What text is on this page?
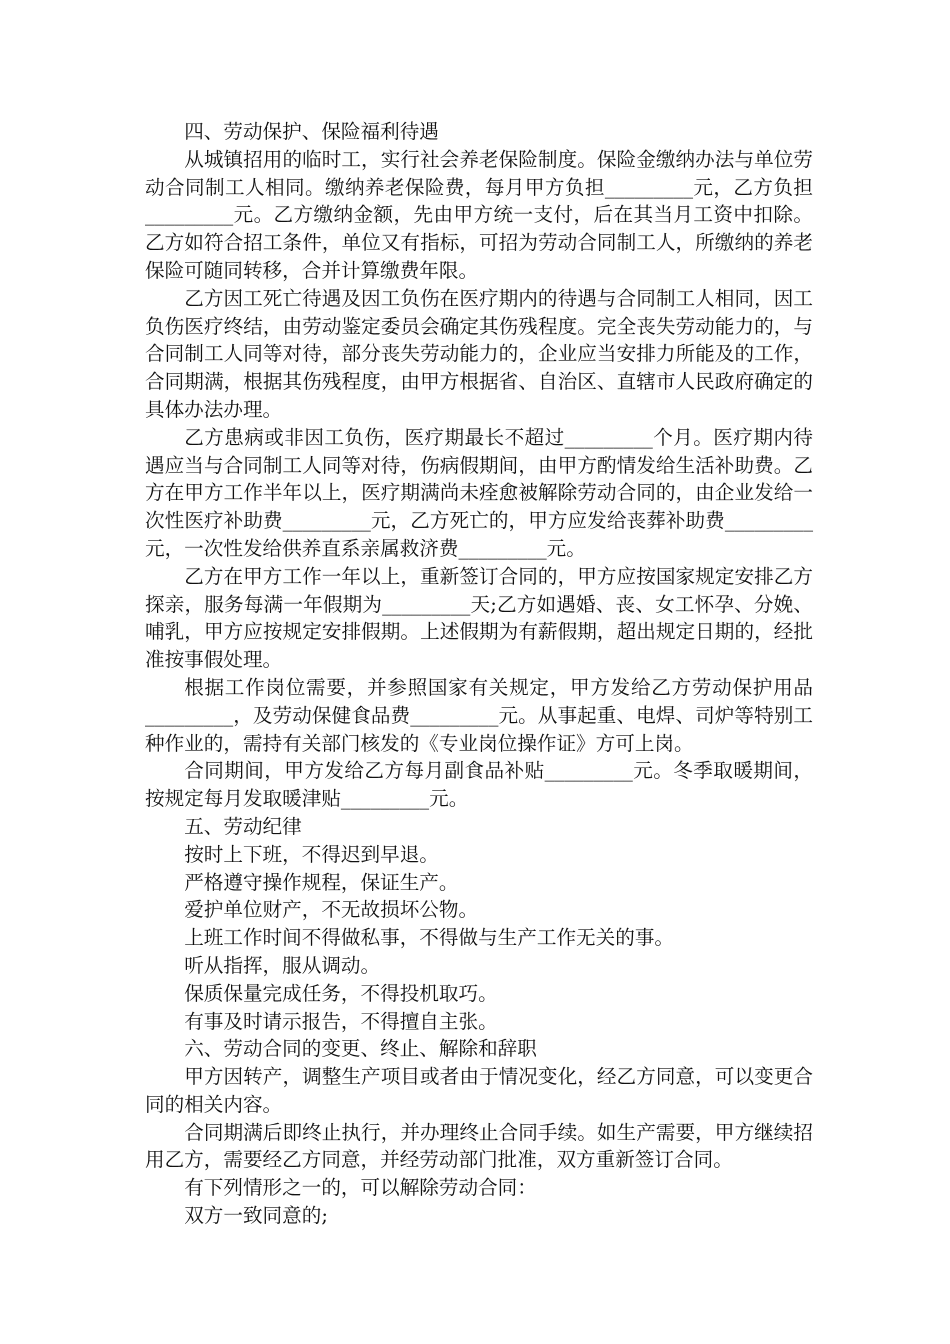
四、劳动保护、保险福利待遇

从城镇招用的临时工，实行社会养老保险制度。保险金缴纳办法与单位劳动合同制工人相同。缴纳养老保险费，每月甲方负担_________元，乙方负担_________元。乙方缴纳金额，先由甲方统一支付，后在其当月工资中扣除。乙方如符合招工条件，单位又有指标，可招为劳动合同制工人，所缴纳的养老保险可随同转移，合并计算缴费年限。

乙方因工死亡待遇及因工负伤在医疗期内的待遇与合同制工人相同，因工负伤医疗终结，由劳动鉴定委员会确定其伤残程度。完全丧失劳动能力的，与合同制工人同等对待，部分丧失劳动能力的，企业应当安排力所能及的工作，合同期满，根据其伤残程度，由甲方根据省、自治区、直辖市人民政府确定的具体办法办理。

乙方患病或非因工负伤，医疗期最长不超过_________个月。医疗期内待遇应当与合同制工人同等对待，伤病假期间，由甲方酌情发给生活补助费。乙方在甲方工作半年以上，医疗期满尚未痊愈被解除劳动合同的，由企业发给一次性医疗补助费_________元，乙方死亡的，甲方应发给丧葬补助费_________元，一次性发给供养直系亲属救济费_________元。

乙方在甲方工作一年以上，重新签订合同的，甲方应按国家规定安排乙方探亲，服务每满一年假期为_________天;乙方如遇婚、丧、女工怀孕、分娩、哺乳，甲方应按规定安排假期。上述假期为有薪假期，超出规定日期的，经批准按事假处理。

根据工作岗位需要，并参照国家有关规定，甲方发给乙方劳动保护用品_________，及劳动保健食品费_________元。从事起重、电焊、司炉等特别工种作业的，需持有关部门核发的《专业岗位操作证》方可上岗。

合同期间，甲方发给乙方每月副食品补贴_________元。冬季取暖期间，按规定每月发取暖津贴_________元。

五、劳动纪律

按时上下班，不得迟到早退。

严格遵守操作规程，保证生产。

爱护单位财产，不无故损坏公物。

上班工作时间不得做私事，不得做与生产工作无关的事。

听从指挥，服从调动。

保质保量完成任务，不得投机取巧。

有事及时请示报告，不得擅自主张。

六、劳动合同的变更、终止、解除和辞职

甲方因转产，调整生产项目或者由于情况变化，经乙方同意，可以变更合同的相关内容。

合同期满后即终止执行，并办理终止合同手续。如生产需要，甲方继续招用乙方，需要经乙方同意，并经劳动部门批准，双方重新签订合同。

有下列情形之一的，可以解除劳动合同：

双方一致同意的;
